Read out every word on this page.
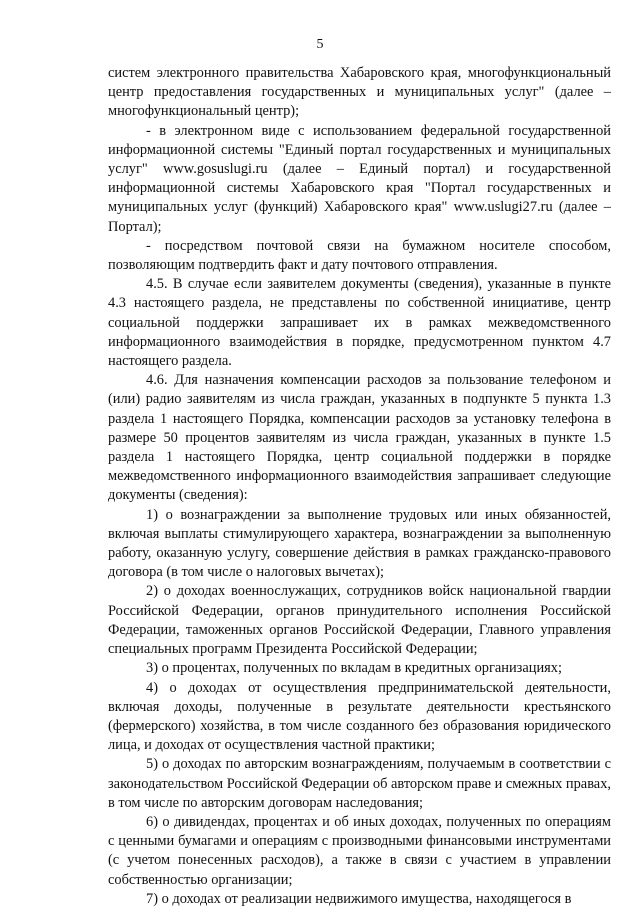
5

систем электронного правительства Хабаровского края, многофункциональный центр предоставления государственных и муниципальных услуг" (далее – многофункциональный центр);

- в электронном виде с использованием федеральной государственной информационной системы "Единый портал государственных и муниципальных услуг" www.gosuslugi.ru (далее – Единый портал) и государственной информационной системы Хабаровского края "Портал государственных и муниципальных услуг (функций) Хабаровского края" www.uslugi27.ru (далее – Портал);

- посредством почтовой связи на бумажном носителе способом, позволяющим подтвердить факт и дату почтового отправления.

4.5. В случае если заявителем документы (сведения), указанные в пункте 4.3 настоящего раздела, не представлены по собственной инициативе, центр социальной поддержки запрашивает их в рамках межведомственного информационного взаимодействия в порядке, предусмотренном пунктом 4.7 настоящего раздела.

4.6. Для назначения компенсации расходов за пользование телефоном и (или) радио заявителям из числа граждан, указанных в подпункте 5 пункта 1.3 раздела 1 настоящего Порядка, компенсации расходов за установку телефона в размере 50 процентов заявителям из числа граждан, указанных в пункте 1.5 раздела 1 настоящего Порядка, центр социальной поддержки в порядке межведомственного информационного взаимодействия запрашивает следующие документы (сведения):

1) о вознаграждении за выполнение трудовых или иных обязанностей, включая выплаты стимулирующего характера, вознаграждении за выполненную работу, оказанную услугу, совершение действия в рамках гражданско-правового договора (в том числе о налоговых вычетах);

2) о доходах военнослужащих, сотрудников войск национальной гвардии Российской Федерации, органов принудительного исполнения Российской Федерации, таможенных органов Российской Федерации, Главного управления специальных программ Президента Российской Федерации;

3) о процентах, полученных по вкладам в кредитных организациях;

4) о доходах от осуществления предпринимательской деятельности, включая доходы, полученные в результате деятельности крестьянского (фермерского) хозяйства, в том числе созданного без образования юридического лица, и доходах от осуществления частной практики;

5) о доходах по авторским вознаграждениям, получаемым в соответствии с законодательством Российской Федерации об авторском праве и смежных правах, в том числе по авторским договорам наследования;

6) о дивидендах, процентах и об иных доходах, полученных по операциям с ценными бумагами и операциям с производными финансовыми инструментами (с учетом понесенных расходов), а также в связи с участием в управлении собственностью организации;

7) о доходах от реализации недвижимого имущества, находящегося в
